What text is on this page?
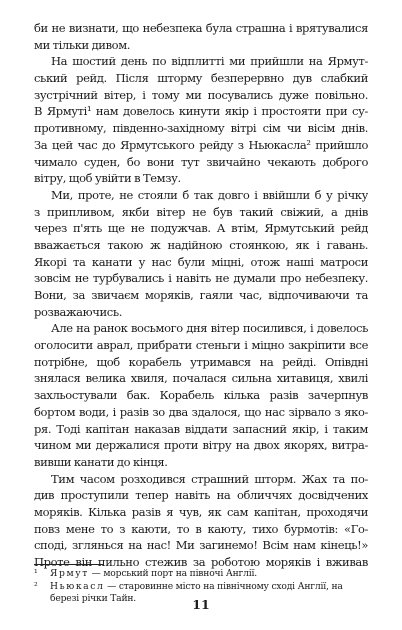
би не визнати, що небезпека була страшна і врятувалися
ми тільки дивом.
На шостий день по відплитті ми прийшли на Ярмут-
ський рейд. Після шторму безперервно дув слабкий
зустрічний вітер, і тому ми посувались дуже повільно.
В Ярмуті¹ нам довелось кинути якір і простояти при су-
противному, південно-західному вітрі сім чи вісім днів.
За цей час до Ярмутського рейду з Ньюкасла² прийшло
чимало суден, бо вони тут звичайно чекають доброго
вітру, щоб увійти в Темзу.
Ми, проте, не стояли б так довго і ввійшли б у річку
з припливом, якби вітер не був такий свіжий, а днів
через п'ять ще не подужчав. А втім, Ярмутський рейд
вважається такою ж надійною стоянкою, як і гавань.
Якорі та канати у нас були міцні, отож наші матроси
зовсім не турбувались і навіть не думали про небезпеку.
Вони, за звичаєм моряків, гаяли час, відпочиваючи та
розважаючись.
Але на ранок восьмого дня вітер посилився, і довелось
оголосити аврал, прибрати стеньги і міцно закріпити все
потрібне, щоб корабель утримався на рейді. Опівдні
знялася велика хвиля, почалася сильна хитавиця, хвилі
захльостували бак. Корабель кілька разів зачерпнув
бортом води, і разів зо два здалося, що нас зірвало з яко-
ря. Тоді капітан наказав віддати запасний якір, і таким
чином ми держалися проти вітру на двох якорях, витра-
вивши канати до кінця.
Тим часом розходився страшний шторм. Жах та по-
див проступили тепер навіть на обличчях досвідчених
моряків. Кілька разів я чув, як сам капітан, проходячи
повз мене то з каюти, то в каюту, тихо бурмотів: «Го-
сподi, зглянься на нас! Ми загинемо! Всім нам кінець!»
Проте він пильно стежив за роботою моряків і вживав
¹ Ярмут — морський порт на півночі Англії.
² Ньюкасл — старовинне місто на північному сході Англії, на
березі річки Тайн.	11
